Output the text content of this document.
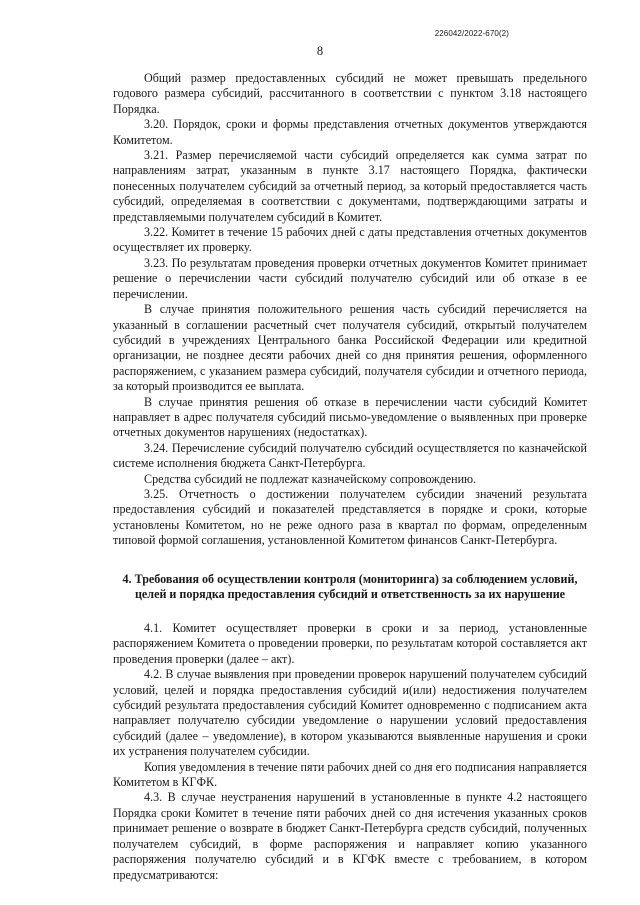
226042/2022-670(2)
8

Общий размер предоставленных субсидий не может превышать предельного годового размера субсидий, рассчитанного в соответствии с пунктом 3.18 настоящего Порядка.

3.20. Порядок, сроки и формы представления отчетных документов утверждаются Комитетом.

3.21. Размер перечисляемой части субсидий определяется как сумма затрат по направлениям затрат, указанным в пункте 3.17 настоящего Порядка, фактически понесенных получателем субсидий за отчетный период, за который предоставляется часть субсидий, определяемая в соответствии с документами, подтверждающими затраты и представляемыми получателем субсидий в Комитет.

3.22. Комитет в течение 15 рабочих дней с даты представления отчетных документов осуществляет их проверку.

3.23. По результатам проведения проверки отчетных документов Комитет принимает решение о перечислении части субсидий получателю субсидий или об отказе в ее перечислении.

В случае принятия положительного решения часть субсидий перечисляется на указанный в соглашении расчетный счет получателя субсидий, открытый получателем субсидий в учреждениях Центрального банка Российской Федерации или кредитной организации, не позднее десяти рабочих дней со дня принятия решения, оформленного распоряжением, с указанием размера субсидий, получателя субсидии и отчетного периода, за который производится ее выплата.

В случае принятия решения об отказе в перечислении части субсидий Комитет направляет в адрес получателя субсидий письмо-уведомление о выявленных при проверке отчетных документов нарушениях (недостатках).

3.24. Перечисление субсидий получателю субсидий осуществляется по казначейской системе исполнения бюджета Санкт-Петербурга.

Средства субсидий не подлежат казначейскому сопровождению.

3.25. Отчетность о достижении получателем субсидии значений результата предоставления субсидий и показателей представляется в порядке и сроки, которые установлены Комитетом, но не реже одного раза в квартал по формам, определенным типовой формой соглашения, установленной Комитетом финансов Санкт-Петербурга.

4. Требования об осуществлении контроля (мониторинга) за соблюдением условий, целей и порядка предоставления субсидий и ответственность за их нарушение

4.1. Комитет осуществляет проверки в сроки и за период, установленные распоряжением Комитета о проведении проверки, по результатам которой составляется акт проведения проверки (далее – акт).

4.2. В случае выявления при проведении проверок нарушений получателем субсидий условий, целей и порядка предоставления субсидий и(или) недостижения получателем субсидий результата предоставления субсидий Комитет одновременно с подписанием акта направляет получателю субсидии уведомление о нарушении условий предоставления субсидий (далее – уведомление), в котором указываются выявленные нарушения и сроки их устранения получателем субсидии.

Копия уведомления в течение пяти рабочих дней со дня его подписания направляется Комитетом в КГФК.

4.3. В случае неустранения нарушений в установленные в пункте 4.2 настоящего Порядка сроки Комитет в течение пяти рабочих дней со дня истечения указанных сроков принимает решение о возврате в бюджет Санкт-Петербурга средств субсидий, полученных получателем субсидий, в форме распоряжения и направляет копию указанного распоряжения получателю субсидий и в КГФК вместе с требованием, в котором предусматриваются:
